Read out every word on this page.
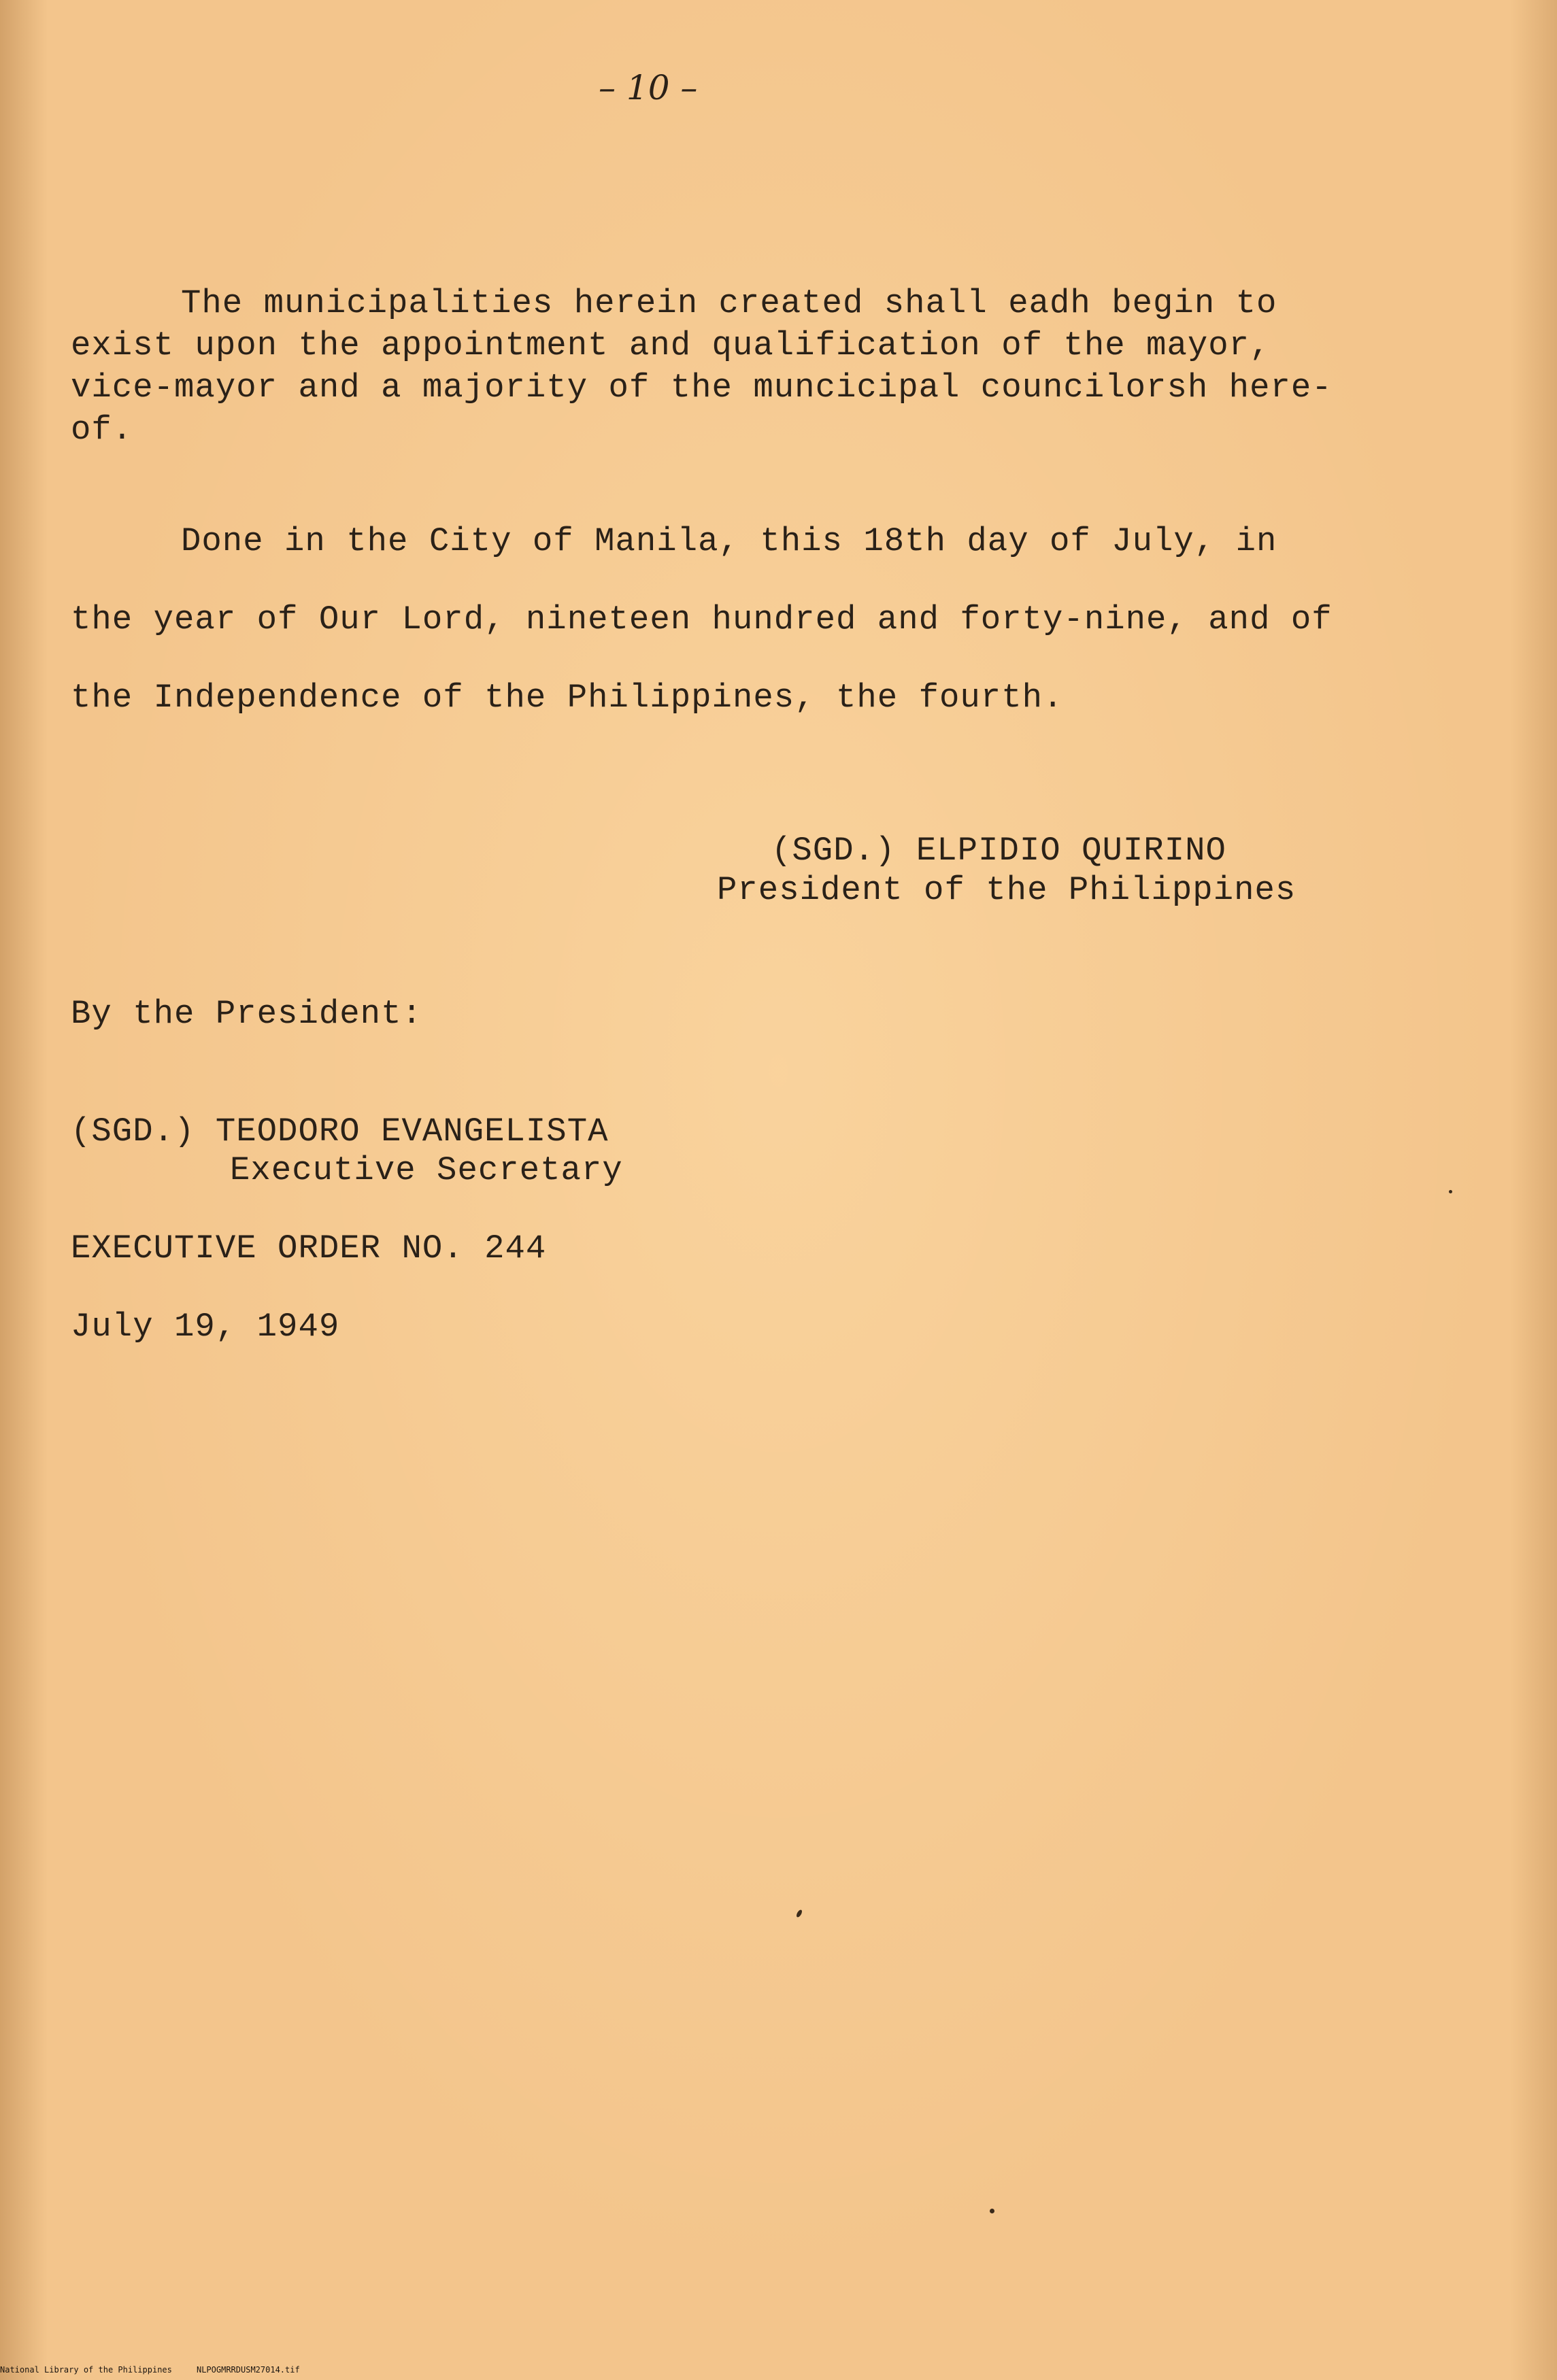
– 10 –
The municipalities herein created shall eadh begin to
exist upon the appointment and qualification of the mayor,
vice-mayor and a majority of the muncicipal councilorsh here-
of.
Done in the City of Manila, this 18th day of July, in
the year of Our Lord, nineteen hundred and forty-nine, and of
the Independence of the Philippines, the fourth.
(SGD.) ELPIDIO QUIRINO
President of the Philippines
By the President:
(SGD.) TEODORO EVANGELISTA
Executive Secretary
EXECUTIVE ORDER NO. 244
July 19, 1949
National Library of the Philippines     NLPOGMRRDUSM27014.tif
